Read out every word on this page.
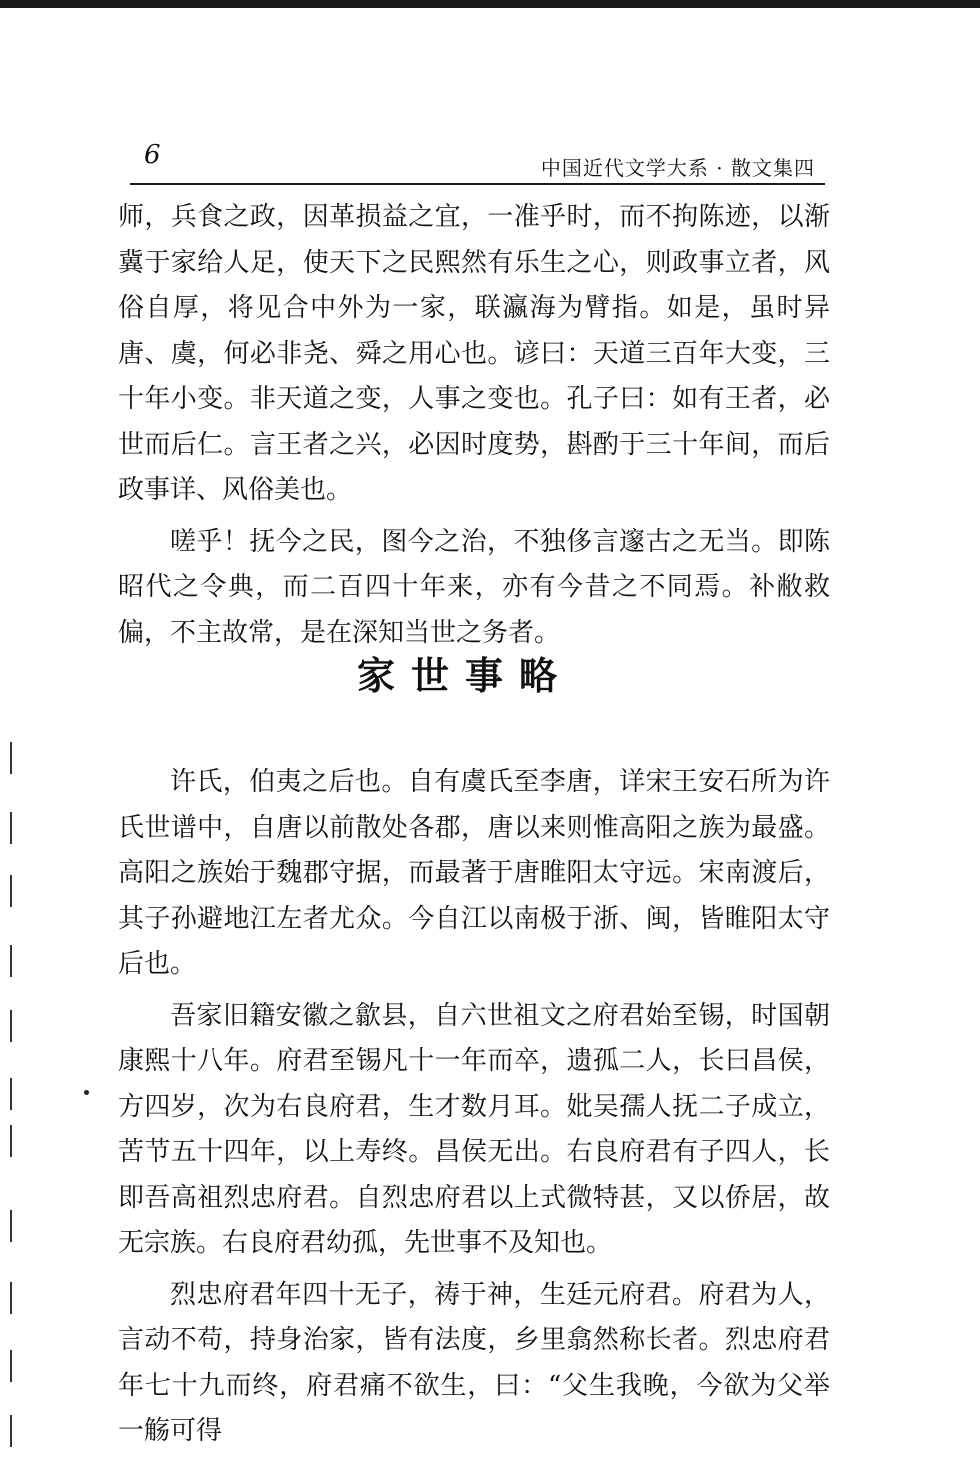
6	中国近代文学大系 · 散文集四

师，兵食之政，因革损益之宜，一准乎时，而不拘陈迹，以渐冀于家给人足，使天下之民熙然有乐生之心，则政事立者，风俗自厚，将见合中外为一家，联瀛海为臂指。如是，虽时异唐、虞，何必非尧、舜之用心也。谚曰：天道三百年大变，三十年小变。非天道之变，人事之变也。孔子曰：如有王者，必世而后仁。言王者之兴，必因时度势，斟酌于三十年间，而后政事详、风俗美也。

嗟乎！抚今之民，图今之治，不独侈言邃古之无当。即陈昭代之令典，而二百四十年来，亦有今昔之不同焉。补敝救偏，不主故常，是在深知当世之务者。

家世事略

许氏，伯夷之后也。自有虞氏至李唐，详宋王安石所为许氏世谱中，自唐以前散处各郡，唐以来则惟高阳之族为最盛。高阳之族始于魏郡守据，而最著于唐睢阳太守远。宋南渡后，其子孙避地江左者尤众。今自江以南极于浙、闽，皆睢阳太守后也。

吾家旧籍安徽之歙县，自六世祖文之府君始至锡，时国朝康熙十八年。府君至锡凡十一年而卒，遗孤二人，长曰昌侯，方四岁，次为右良府君，生才数月耳。妣吴孺人抚二子成立，苦节五十四年，以上寿终。昌侯无出。右良府君有子四人，长即吾高祖烈忠府君。自烈忠府君以上式微特甚，又以侨居，故无宗族。右良府君幼孤，先世事不及知也。

烈忠府君年四十无子，祷于神，生廷元府君。府君为人，言动不苟，持身治家，皆有法度，乡里翕然称长者。烈忠府君年七十九而终，府君痛不欲生，曰：“父生我晚，今欲为父举一觞可得
